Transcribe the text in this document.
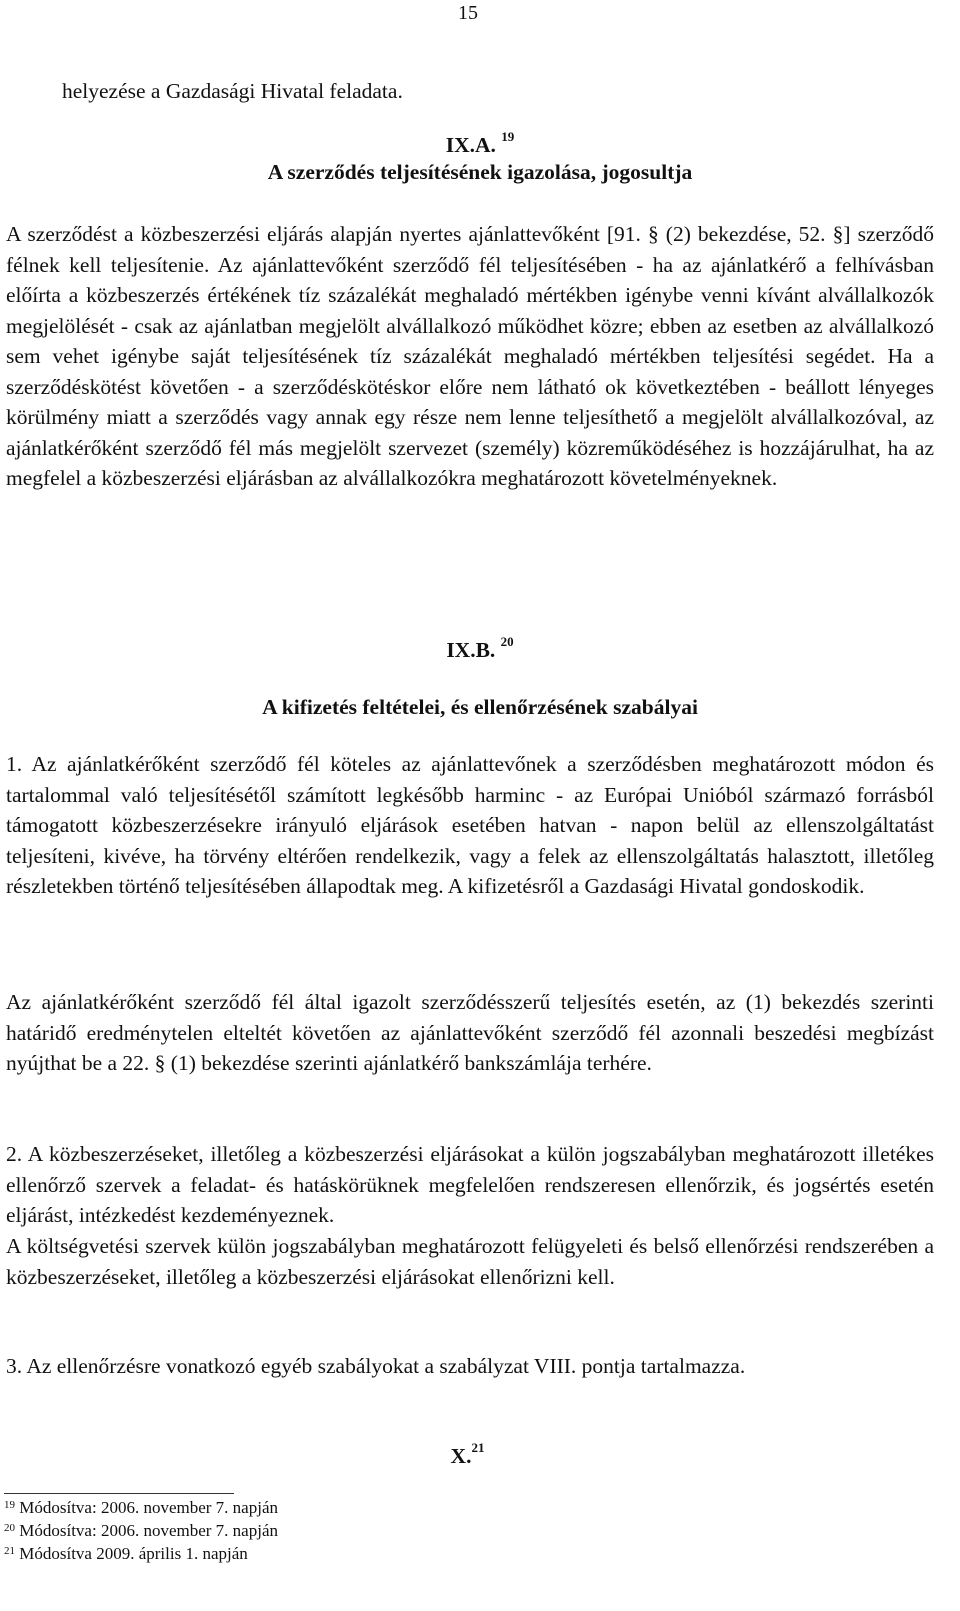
15
helyezése a Gazdasági Hivatal feladata.
IX.A. $^{19}$
A szerződés teljesítésének igazolása, jogosultja
A szerződést a közbeszerzési eljárás alapján nyertes ajánlattevőként [91. § (2) bekezdése, 52. §] szerződő félnek kell teljesítenie. Az ajánlattevőként szerződő fél teljesítésében - ha az ajánlatkérő a felhívásban előírta a közbeszerzés értékének tíz százalékát meghaladó mértékben igénybe venni kívánt alvállalkozók megjelölését - csak az ajánlatban megjelölt alvállalkozó működhet közre; ebben az esetben az alvállalkozó sem vehet igénybe saját teljesítésének tíz százalékát meghaladó mértékben teljesítési segédet. Ha a szerződéskötést követően - a szerződéskötéskor előre nem látható ok következtében - beállott lényeges körülmény miatt a szerződés vagy annak egy része nem lenne teljesíthető a megjelölt alvállalkozóval, az ajánlatkérőként szerződő fél más megjelölt szervezet (személy) közreműködéséhez is hozzájárulhat, ha az megfelel a közbeszerzési eljárásban az alvállalkozókra meghatározott követelményeknek.
IX.B. $^{20}$
A kifizetés feltételei, és ellenőrzésének szabályai
1. Az ajánlatkérőként szerződő fél köteles az ajánlattevőnek a szerződésben meghatározott módon és tartalommal való teljesítésétől számított legkésőbb harminc - az Európai Unióból származó forrásból támogatott közbeszerzésekre irányuló eljárások esetében hatvan - napon belül az ellenszolgáltatást teljesíteni, kivéve, ha törvény eltérően rendelkezik, vagy a felek az ellenszolgáltatás halasztott, illetőleg részletekben történő teljesítésében állapodtak meg. A kifizetésről a Gazdasági Hivatal gondoskodik.
Az ajánlatkérőként szerződő fél által igazolt szerződésszerű teljesítés esetén, az (1) bekezdés szerinti határidő eredménytelen elteltét követően az ajánlattevőként szerződő fél azonnali beszedési megbízást nyújthat be a 22. § (1) bekezdése szerinti ajánlatkérő bankszámlája terhére.
2. A közbeszerzéseket, illetőleg a közbeszerzési eljárásokat a külön jogszabályban meghatározott illetékes ellenőrző szervek a feladat- és hatáskörüknek megfelelően rendszeresen ellenőrzik, és jogsértés esetén eljárást, intézkedést kezdeményeznek.
A költségvetési szervek külön jogszabályban meghatározott felügyeleti és belső ellenőrzési rendszerében a közbeszerzéseket, illetőleg a közbeszerzési eljárásokat ellenőrizni kell.
3. Az ellenőrzésre vonatkozó egyéb szabályokat a szabályzat VIII. pontja tartalmazza.
X.$^{21}$
$^{19}$ Módosítva: 2006. november 7. napján
$^{20}$ Módosítva: 2006. november 7. napján
$^{21}$ Módosítva 2009. április 1. napján
